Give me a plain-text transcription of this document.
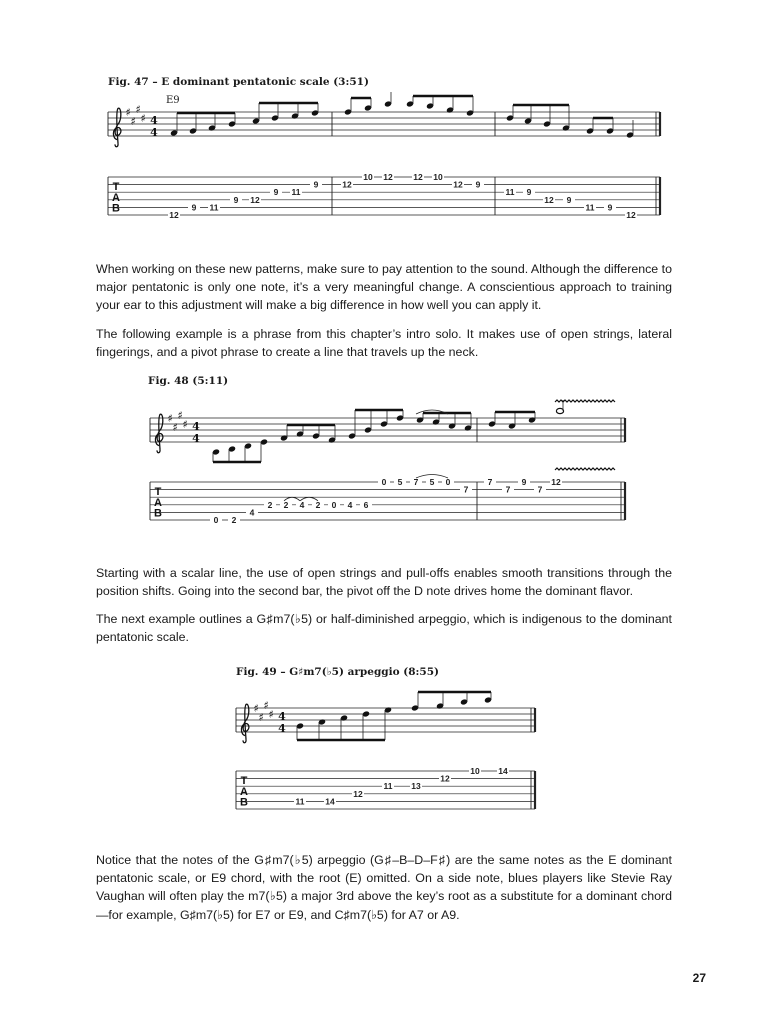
Fig. 47 – E dominant pentatonic scale (3:51)
E9
Fig. 48 (5:11)
Fig. 49 – G♯m7(♭5) arpeggio (8:55)
♯
♯
♯
♯ 4
4
T
A
B
12
9 11
9 12
9 11
9	12
10 12 12 10
12 9
11 9
12 9
11 9
12
♯
♯
♯
♯ 4
4
T
A
B
0 2
4
2 2 4 2 0 4 6
0 5 7 5 0
7
7
7
9
7
12
♯
♯
♯
♯ 4
4
T
A
B	11 14
12
11 13
12
10 14

When working on these new patterns, make sure to pay attention to the sound. Although the difference to major pentatonic is only one note, it’s a very meaningful change. A conscientious approach to training your ear to this adjustment will make a big difference in how well you can apply it.

The following example is a phrase from this chapter’s intro solo. It makes use of open strings, lateral fingerings, and a pivot phrase to create a line that travels up the neck.

Starting with a scalar line, the use of open strings and pull-offs enables smooth transitions through the position shifts. Going into the second bar, the pivot off the D note drives home the dominant flavor.

The next example outlines a G♯m7(♭5) or half-diminished arpeggio, which is indigenous to the dominant pentatonic scale.

Notice that the notes of the G♯m7(♭5) arpeggio (G♯–B–D–F♯) are the same notes as the E dominant pentatonic scale, or E9 chord, with the root (E) omitted. On a side note, blues players like Stevie Ray Vaughan will often play the m7(♭5) a major 3rd above the key’s root as a substitute for a dominant chord—for example, G♯m7(♭5) for E7 or E9, and C♯m7(♭5) for A7 or A9.

27
